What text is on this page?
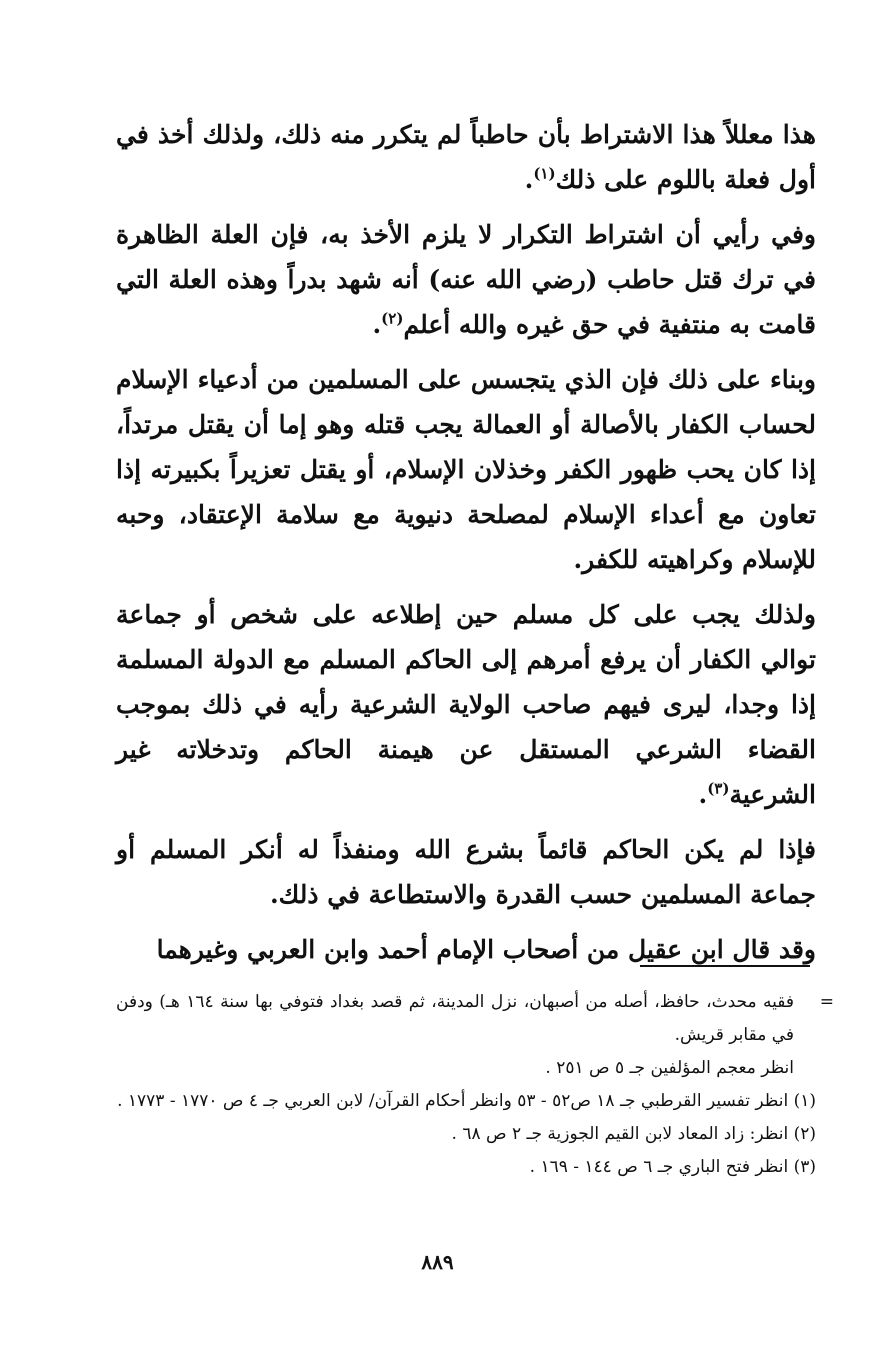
هذا معللاً هذا الاشتراط بأن حاطباً لم يتكرر منه ذلك، ولذلك أخذ في أول فعلة باللوم على ذلك$^{(١)}$.

وفي رأيي أن اشتراط التكرار لا يلزم الأخذ به، فإن العلة الظاهرة في ترك قتل حاطب (رضي الله عنه) أنه شهد بدراً وهذه العلة التي قامت به منتفية في حق غيره والله أعلم$^{(٢)}$.

وبناء على ذلك فإن الذي يتجسس على المسلمين من أدعياء الإسلام لحساب الكفار بالأصالة أو العمالة يجب قتله وهو إما أن يقتل مرتداً، إذا كان يحب ظهور الكفر وخذلان الإسلام، أو يقتل تعزيراً بكبيرته إذا تعاون مع أعداء الإسلام لمصلحة دنيوية مع سلامة الإعتقاد، وحبه للإسلام وكراهيته للكفر.

ولذلك يجب على كل مسلم حين إطلاعه على شخص أو جماعة توالي الكفار أن يرفع أمرهم إلى الحاكم المسلم مع الدولة المسلمة إذا وجدا، ليرى فيهم صاحب الولاية الشرعية رأيه في ذلك بموجب القضاء الشرعي المستقل عن هيمنة الحاكم وتدخلاته غير الشرعية$^{(٣)}$.

فإذا لم يكن الحاكم قائماً بشرع الله ومنفذاً له أنكر المسلم أو جماعة المسلمين حسب القدرة والاستطاعة في ذلك.

وقد قال ابن عقيل من أصحاب الإمام أحمد وابن العربي وغيرهما

=
فقيه محدث، حافظ، أصله من أصبهان، نزل المدينة، ثم قصد بغداد فتوفي بها سنة ١٦٤ هـ) ودفن في مقابر قريش.

انظر معجم المؤلفين جـ ٥ ص ٢٥١ .

(١) انظر تفسير القرطبي جـ ١٨ ص٥٢ - ٥٣ وانظر أحكام القرآن/ لابن العربي جـ ٤ ص ١٧٧٠ - ١٧٧٣ .

(٢) انظر: زاد المعاد لابن القيم الجوزية جـ ٢ ص ٦٨ .

(٣) انظر فتح الباري جـ ٦ ص ١٤٤ - ١٦٩ .

٨٨٩
